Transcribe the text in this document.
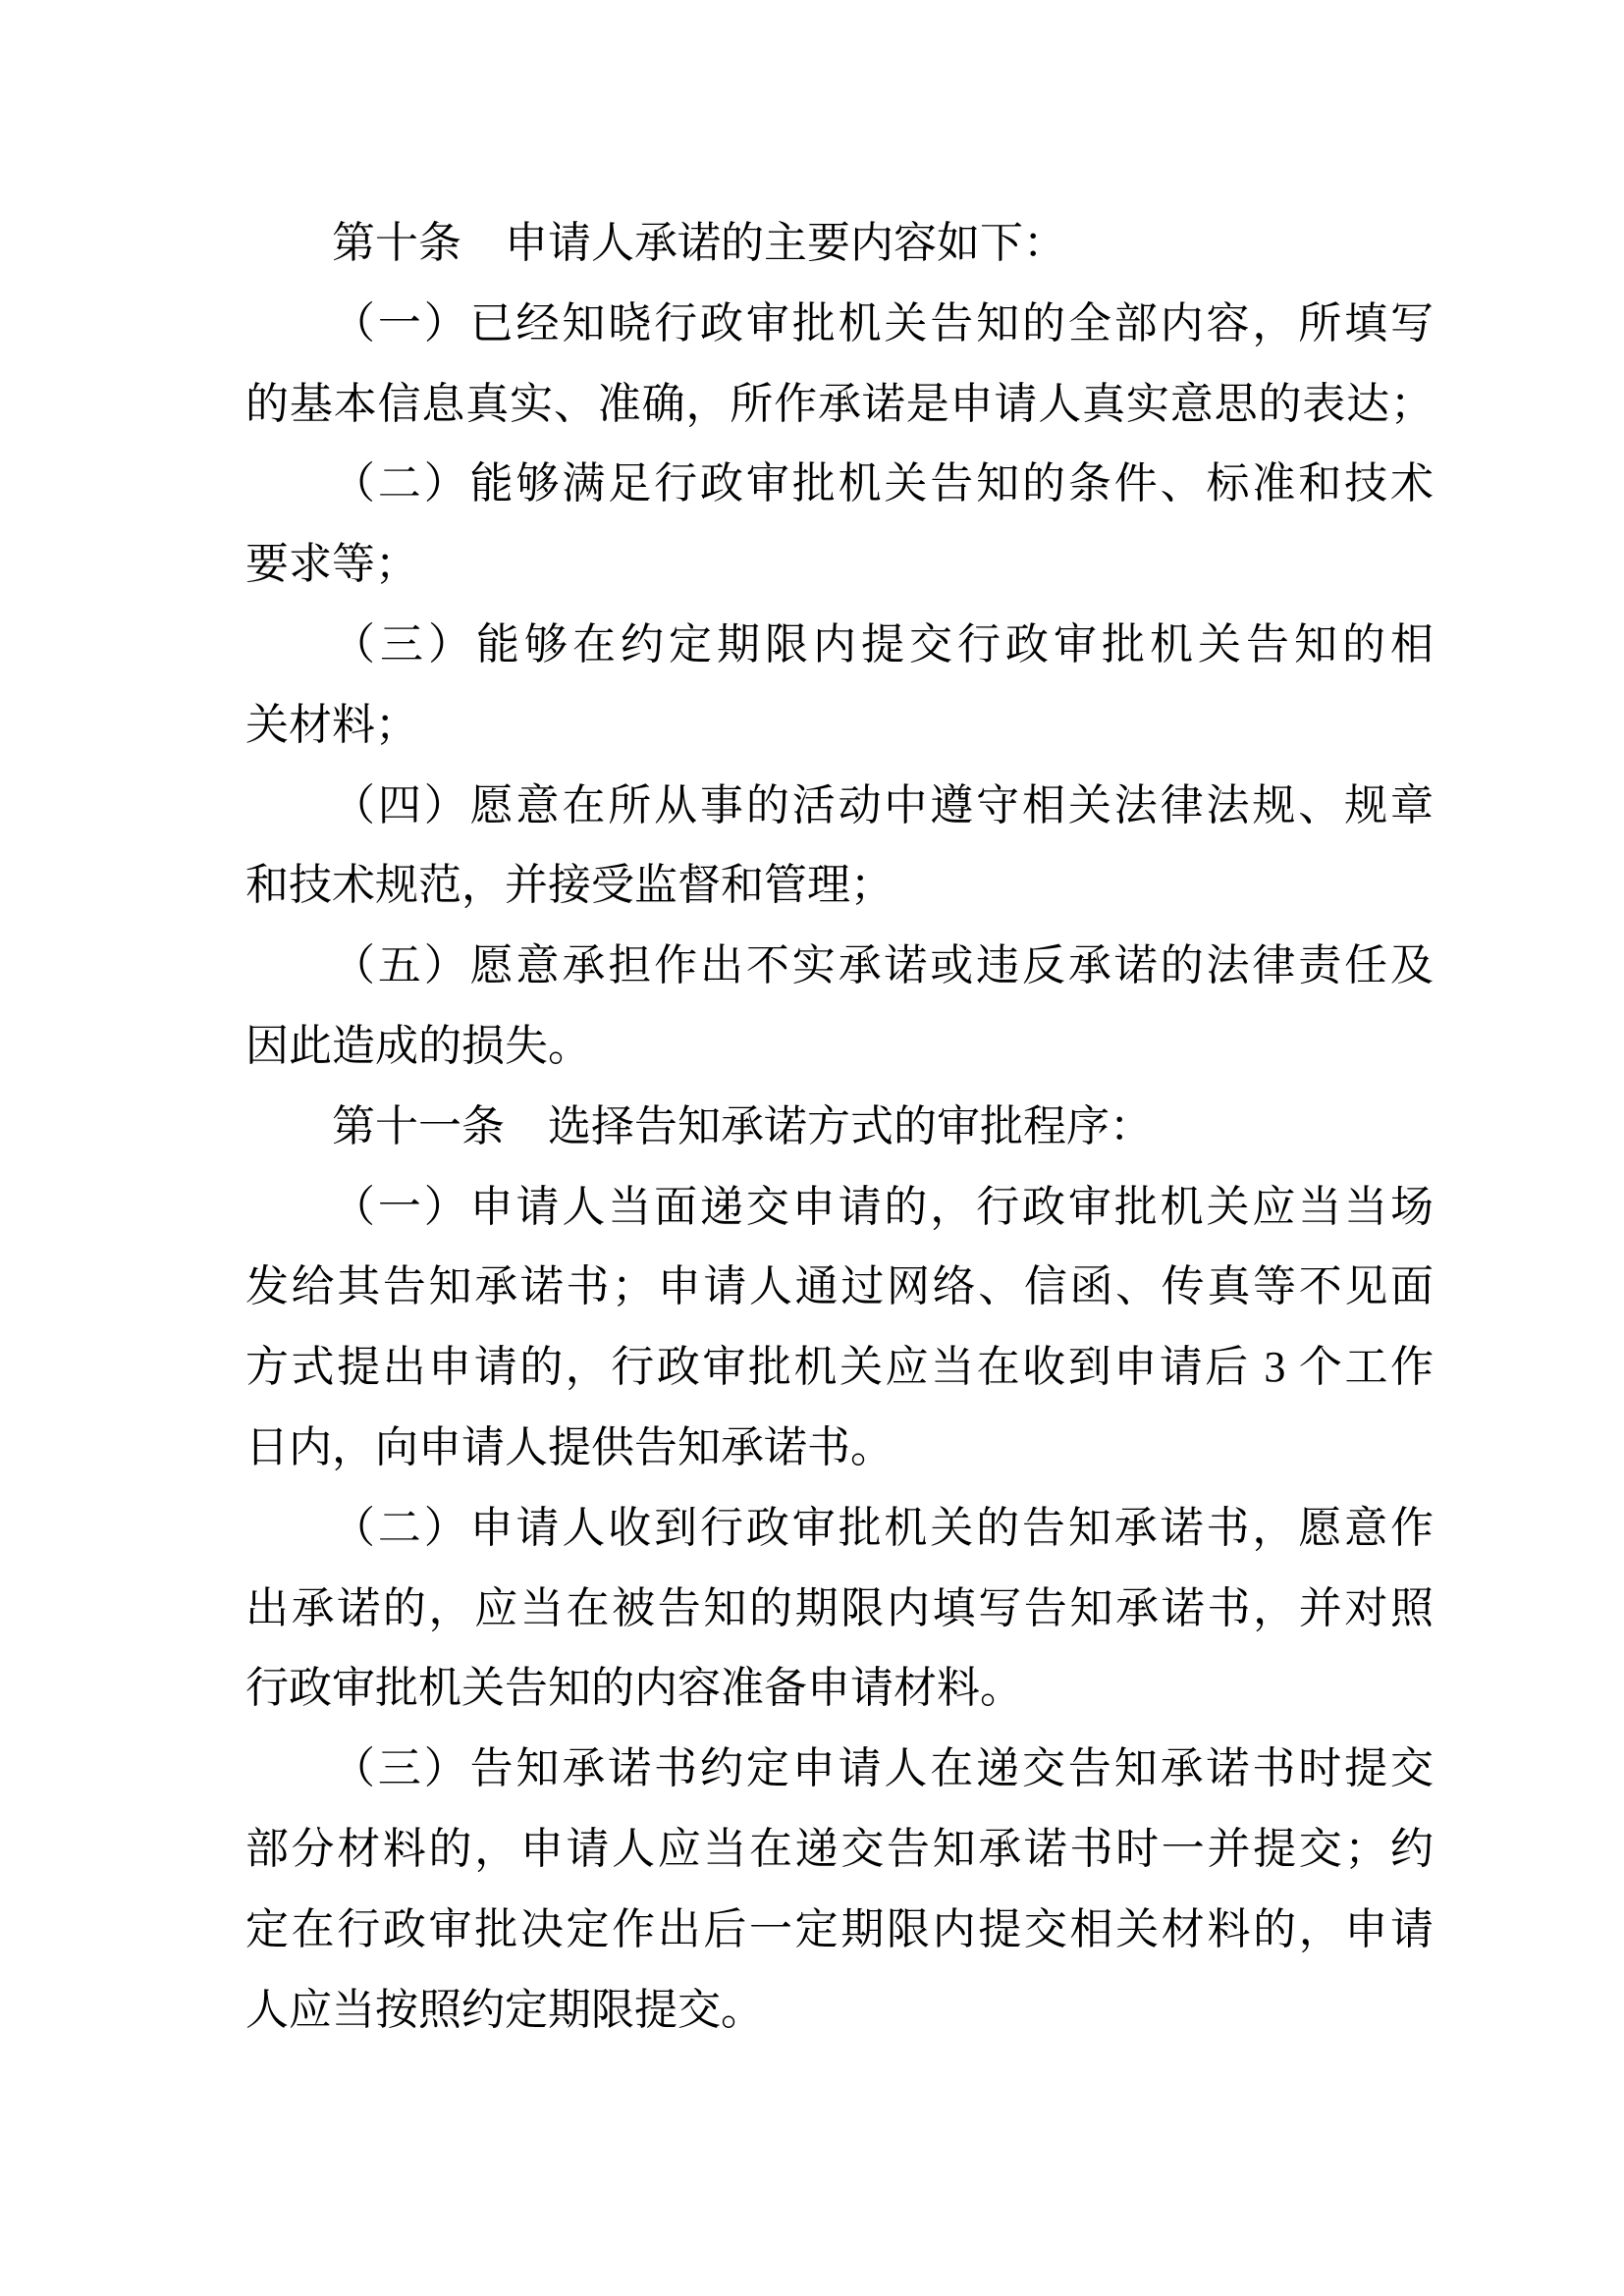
第十条　申请人承诺的主要内容如下：
（一）已经知晓行政审批机关告知的全部内容，所填写
的基本信息真实、准确，所作承诺是申请人真实意思的表达；
（二）能够满足行政审批机关告知的条件、标准和技术
要求等；
（三）能够在约定期限内提交行政审批机关告知的相
关材料；
（四）愿意在所从事的活动中遵守相关法律法规、规章
和技术规范，并接受监督和管理；
（五）愿意承担作出不实承诺或违反承诺的法律责任及
因此造成的损失。
第十一条　选择告知承诺方式的审批程序：
（一）申请人当面递交申请的，行政审批机关应当当场
发给其告知承诺书；申请人通过网络、信函、传真等不见面
方式提出申请的，行政审批机关应当在收到申请后 3 个工作
日内，向申请人提供告知承诺书。
（二）申请人收到行政审批机关的告知承诺书，愿意作
出承诺的，应当在被告知的期限内填写告知承诺书，并对照
行政审批机关告知的内容准备申请材料。
（三）告知承诺书约定申请人在递交告知承诺书时提交
部分材料的，申请人应当在递交告知承诺书时一并提交；约
定在行政审批决定作出后一定期限内提交相关材料的，申请
人应当按照约定期限提交。
